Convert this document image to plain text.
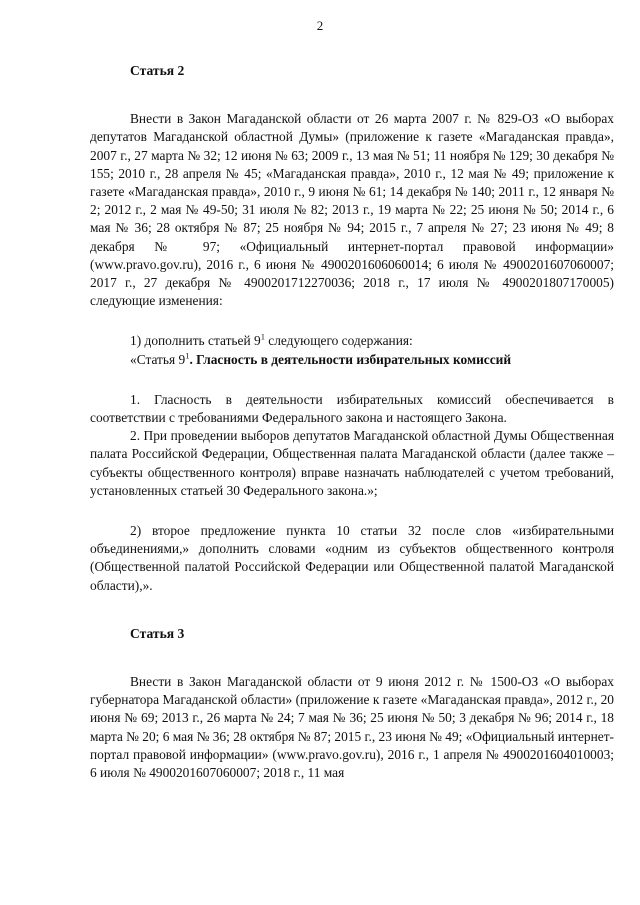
2

Статья 2

Внести в Закон Магаданской области от 26 марта 2007 г. № 829-ОЗ «О выборах депутатов Магаданской областной Думы» (приложение к газете «Магаданская правда», 2007 г., 27 марта № 32; 12 июня № 63; 2009 г., 13 мая № 51; 11 ноября № 129; 30 декабря № 155; 2010 г., 28 апреля № 45; «Магаданская правда», 2010 г., 12 мая № 49; приложение к газете «Магаданская правда», 2010 г., 9 июня № 61; 14 декабря № 140; 2011 г., 12 января № 2; 2012 г., 2 мая № 49-50; 31 июля № 82; 2013 г., 19 марта № 22; 25 июня № 50; 2014 г., 6 мая № 36; 28 октября № 87; 25 ноября № 94; 2015 г., 7 апреля № 27; 23 июня № 49; 8 декабря № 97; «Официальный интернет-портал правовой информации» (www.pravo.gov.ru), 2016 г., 6 июня № 4900201606060014; 6 июля № 4900201607060007; 2017 г., 27 декабря № 4900201712270036; 2018 г., 17 июля № 4900201807170005) следующие изменения:

1) дополнить статьей $9^1$ следующего содержания:

«Статья $9^1$. Гласность в деятельности избирательных комиссий

1. Гласность в деятельности избирательных комиссий обеспечивается в соответствии с требованиями Федерального закона и настоящего Закона.

2. При проведении выборов депутатов Магаданской областной Думы Общественная палата Российской Федерации, Общественная палата Магаданской области (далее также – субъекты общественного контроля) вправе назначать наблюдателей с учетом требований, установленных статьей 30 Федерального закона.»;

2) второе предложение пункта 10 статьи 32 после слов «избирательными объединениями,» дополнить словами «одним из субъектов общественного контроля (Общественной палатой Российской Федерации или Общественной палатой Магаданской области),».

Статья 3

Внести в Закон Магаданской области от 9 июня 2012 г. № 1500-ОЗ «О выборах губернатора Магаданской области» (приложение к газете «Магаданская правда», 2012 г., 20 июня № 69; 2013 г., 26 марта № 24; 7 мая № 36; 25 июня № 50; 3 декабря № 96; 2014 г., 18 марта № 20; 6 мая № 36; 28 октября № 87; 2015 г., 23 июня № 49; «Официальный интернет-портал правовой информации» (www.pravo.gov.ru), 2016 г., 1 апреля № 4900201604010003; 6 июля № 4900201607060007; 2018 г., 11 мая
